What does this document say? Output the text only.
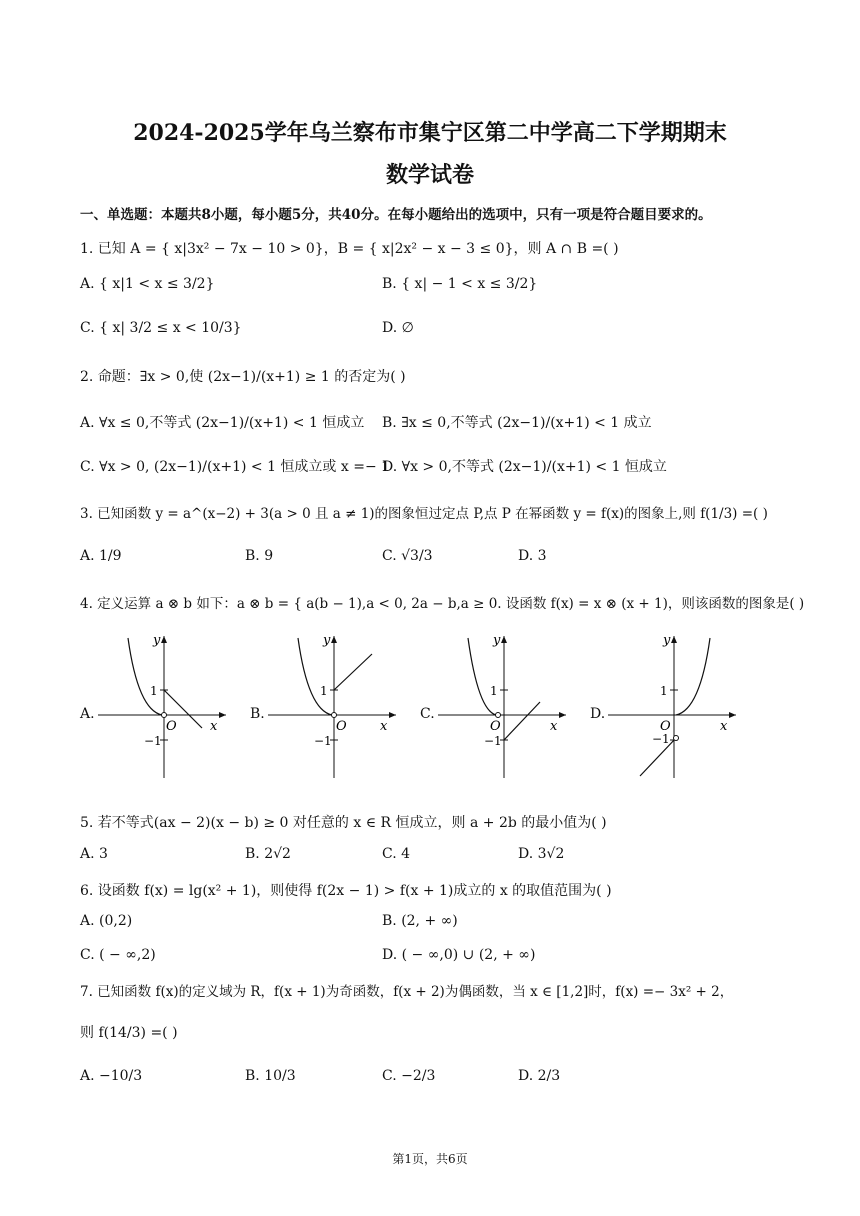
2024-2025学年乌兰察布市集宁区第二中学高二下学期期末
数学试卷
一、单选题：本题共8小题，每小题5分，共40分。在每小题给出的选项中，只有一项是符合题目要求的。
1. 已知 A = { x|3x² − 7x − 10 > 0}，B = { x|2x² − x − 3 ≤ 0}，则 A ∩ B =( )
A. { x|1 < x ≤ 3/2}	B. { x| − 1 < x ≤ 3/2}
C. { x| 3/2 ≤ x < 10/3}	D. ∅
2. 命题：∃x > 0,使 (2x−1)/(x+1) ≥ 1 的否定为( )
A. ∀x ≤ 0,不等式 (2x−1)/(x+1) < 1 恒成立 B. ∃x ≤ 0,不等式 (2x−1)/(x+1) < 1 成立
C. ∀x > 0, (2x−1)/(x+1) < 1 恒成立或 x =− 1
D. ∀x > 0,不等式 (2x−1)/(x+1) < 1 恒成立
3. 已知函数 y = a^(x−2) + 3(a > 0 且 a ≠ 1)的图象恒过定点 P,点 P 在幂函数 y = f(x)的图象上,则 f(1/3) =( )
A. 1/9	B. 9	C. √3/3	D. 3
4. 定义运算 a ⊗ b 如下：a ⊗ b = { a(b − 1),a < 0, 2a − b,a ≥ 0. 设函数 f(x) = x ⊗ (x + 1)，则该函数的图象是( )
A.	B.	C.	D.
y
x
O
1
−1
y
x
O
1
−1
y
x
O
1
−1
y
x
O
1
−1
5. 若不等式(ax − 2)(x − b) ≥ 0 对任意的 x ∈ R 恒成立，则 a + 2b 的最小值为( )
A. 3	B. 2√2	C. 4	D. 3√2
6. 设函数 f(x) = lg(x² + 1)，则使得 f(2x − 1) > f(x + 1)成立的 x 的取值范围为( )
A. (0,2)	B. (2, + ∞)
C. ( − ∞,2)	D. ( − ∞,0) ∪ (2, + ∞)
7. 已知函数 f(x)的定义域为 R，f(x + 1)为奇函数，f(x + 2)为偶函数，当 x ∈ [1,2]时，f(x) =− 3x² + 2，
则 f(14/3) =( )
A. −10/3	B. 10/3	C. −2/3	D. 2/3
第1页，共6页
